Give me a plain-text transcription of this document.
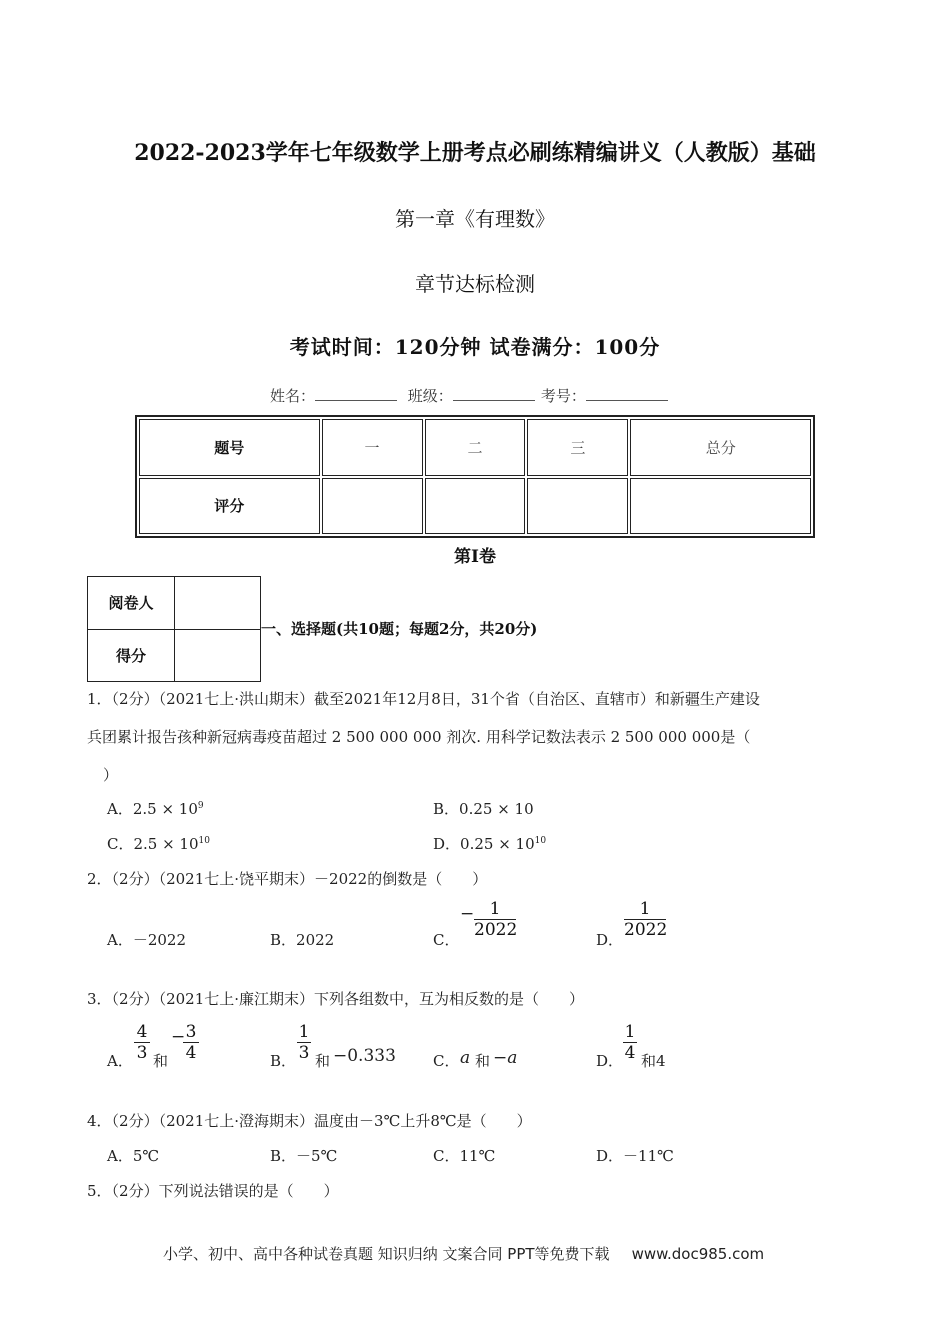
2022-2023学年七年级数学上册考点必刷练精编讲义（人教版）基础
第一章《有理数》
章节达标检测
考试时间：120分钟 试卷满分：100分
姓名：	班级：	考号：
题号	一	二	三	总分
评分				
第Ⅰ卷
阅卷人	
得分	
一、选择题(共10题；每题2分，共20分)
1．（2分）（2021七上·洪山期末）截至2021年12月8日，31个省（自治区、直辖市）和新疆生产建设
兵团累计报告孩种新冠病毒疫苗超过 2 500 000 000 剂次. 用科学记数法表示 2 500 000 000是（
）
A．$2.5 \times 10^9$	B．0.25 × 10
C．$2.5 \times 10^{10}$	D．$0.25 \times 10^{10}$
2．（2分）（2021七上·饶平期末）－2022的倒数是（　　）
A．－2022	B．2022	C．
− $\frac{1}{2022}$	D． $\frac{1}{2022}$
3．（2分）（2021七上·廉江期末）下列各组数中，互为相反数的是（　　）
A． $\frac{4}{3}$ 和
−
$\frac{3}{4}$	B． $\frac{1}{3}$ 和 −0.333 C． a 和 −a	D． $\frac{1}{4}$ 和4
4．（2分）（2021七上·澄海期末）温度由－3℃上升8℃是（　　）
A．5℃	B．－5℃	C．11℃	D．－11℃
5．（2分）下列说法错误的是（　　）
小学、初中、高中各种试卷真题 知识归纳 文案合同 PPT等免费下载 www.doc985.com
